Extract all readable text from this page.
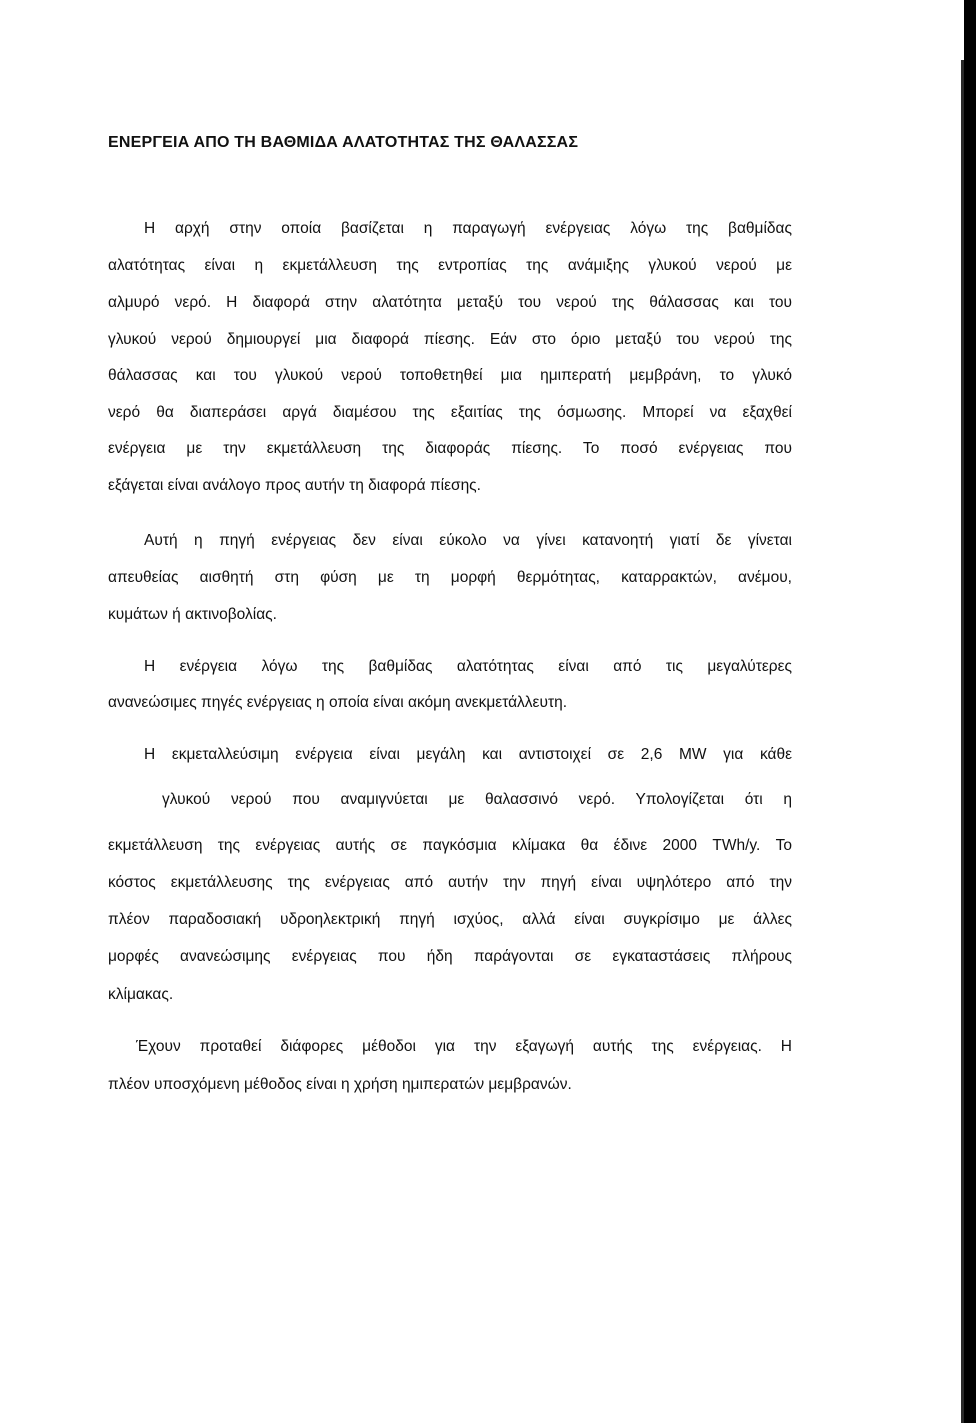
ΕΝΕΡΓΕΙΑ ΑΠΟ ΤΗ ΒΑΘΜΙΔΑ ΑΛΑΤΟΤΗΤΑΣ ΤΗΣ ΘΑΛΑΣΣΑΣ
Η αρχή στην οποία βασίζεται η παραγωγή ενέργειας λόγω της βαθμίδας
αλατότητας είναι η εκμετάλλευση της εντροπίας της ανάμιξης γλυκού νερού με
αλμυρό νερό. Η διαφορά στην αλατότητα μεταξύ του νερού της θάλασσας και του
γλυκού νερού δημιουργεί μια διαφορά πίεσης. Εάν στο όριο μεταξύ του νερού της
θάλασσας και του γλυκού νερού τοποθετηθεί μια ημιπερατή μεμβράνη, το γλυκό
νερό θα διαπεράσει αργά διαμέσου της εξαιτίας της όσμωσης. Μπορεί να εξαχθεί
ενέργεια με την εκμετάλλευση της διαφοράς πίεσης. Το ποσό ενέργειας που
εξάγεται είναι ανάλογο προς αυτήν τη διαφορά πίεσης.
Αυτή η πηγή ενέργειας δεν είναι εύκολο να γίνει κατανοητή γιατί δε γίνεται
απευθείας αισθητή στη φύση με τη μορφή θερμότητας, καταρρακτών, ανέμου,
κυμάτων ή ακτινοβολίας.
Η ενέργεια λόγω της βαθμίδας αλατότητας είναι από τις μεγαλύτερες
ανανεώσιμες πηγές ενέργειας η οποία είναι ακόμη ανεκμετάλλευτη.
Η εκμεταλλεύσιμη ενέργεια είναι μεγάλη και αντιστοιχεί σε 2,6 MW για κάθε
γλυκού νερού που αναμιγνύεται με θαλασσινό νερό. Υπολογίζεται ότι η
εκμετάλλευση της ενέργειας αυτής σε παγκόσμια κλίμακα θα έδινε 2000 TWh/y. Το
κόστος εκμετάλλευσης της ενέργειας από αυτήν την πηγή είναι υψηλότερο από την
πλέον παραδοσιακή υδροηλεκτρική πηγή ισχύος, αλλά είναι συγκρίσιμο με άλλες
μορφές ανανεώσιμης ενέργειας που ήδη παράγονται σε εγκαταστάσεις πλήρους
κλίμακας.
Έχουν προταθεί διάφορες μέθοδοι για την εξαγωγή αυτής της ενέργειας. Η
πλέον υποσχόμενη μέθοδος είναι η χρήση ημιπερατών μεμβρανών.
